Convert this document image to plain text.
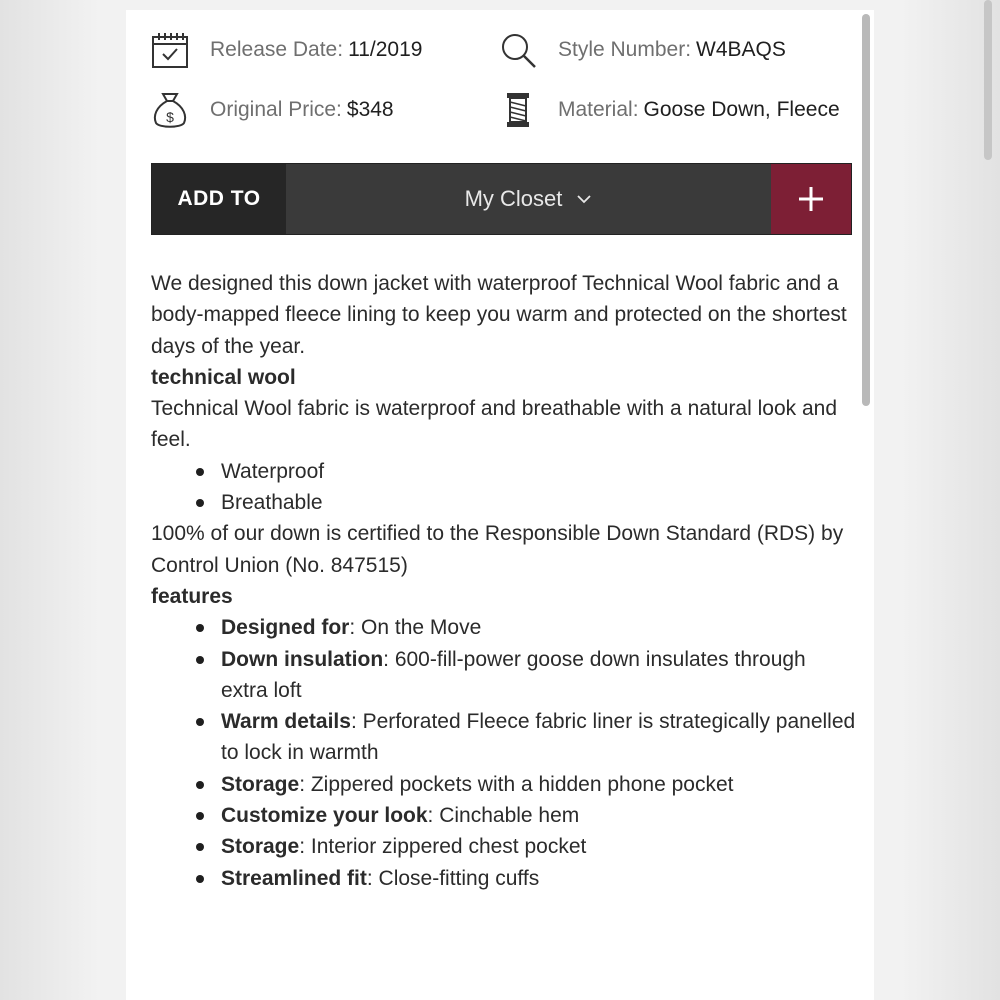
Release Date: 11/2019	Style Number: W4BAQS
$ Original Price: $348	Material: Goose Down, Fleece
ADD TO	My Closet

We designed this down jacket with waterproof Technical Wool fabric and a body-mapped fleece lining to keep you warm and protected on the shortest days of the year.

technical wool

Technical Wool fabric is waterproof and breathable with a natural look and feel.

Waterproof
Breathable

100% of our down is certified to the Responsible Down Standard (RDS) by Control Union (No. 847515)

features

Designed for: On the Move
Down insulation: 600-fill-power goose down insulates through extra loft
Warm details: Perforated Fleece fabric liner is strategically panelled to lock in warmth
Storage: Zippered pockets with a hidden phone pocket
Customize your look: Cinchable hem
Storage: Interior zippered chest pocket
Streamlined fit: Close-fitting cuffs
